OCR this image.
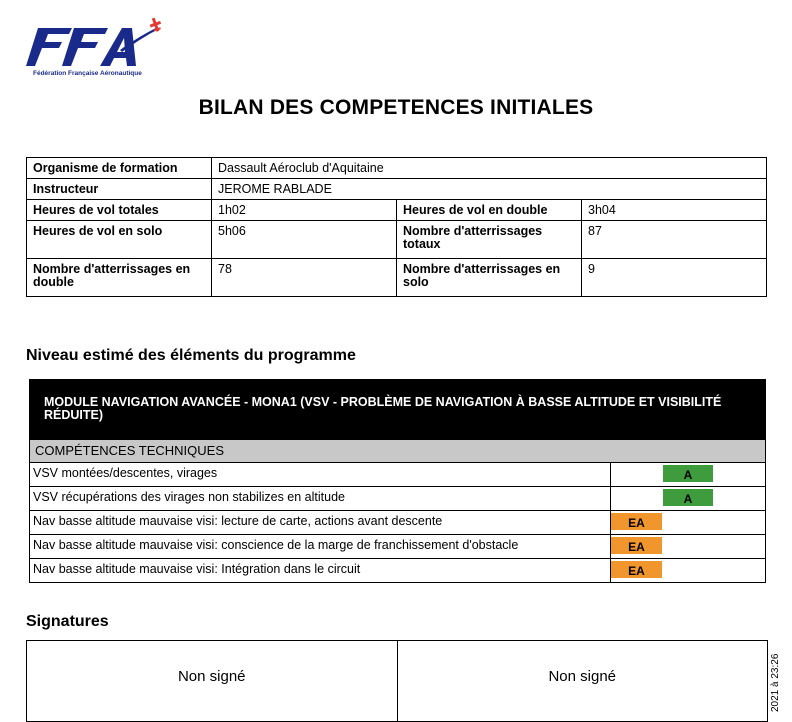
Fédération Française Aéronautique
BILAN DES COMPETENCES INITIALES
Organisme de formation	Dassault Aéroclub d'Aquitaine		
Instructeur	JEROME RABLADE		
Heures de vol totales	1h02	Heures de vol en double	3h04
Heures de vol en solo	5h06	Nombre d'atterrissages totaux	87
Nombre d'atterrissages en double	78	Nombre d'atterrissages en solo	9
Niveau estimé des éléments du programme
MODULE NAVIGATION AVANCÉE - MONA1 (VSV - PROBLÈME DE NAVIGATION À BASSE ALTITUDE ET VISIBILITÉ RÉDUITE)
COMPÉTENCES TECHNIQUES
VSV montées/descentes, virages	A
VSV récupérations des virages non stabilizes en altitude	A
Nav basse altitude mauvaise visi: lecture de carte, actions avant descente	EA
Nav basse altitude mauvaise visi: conscience de la marge de franchissement d'obstacle	EA
Nav basse altitude mauvaise visi: Intégration dans le circuit	EA
Signatures
Non signé	Non signé	2021 à 23:26
